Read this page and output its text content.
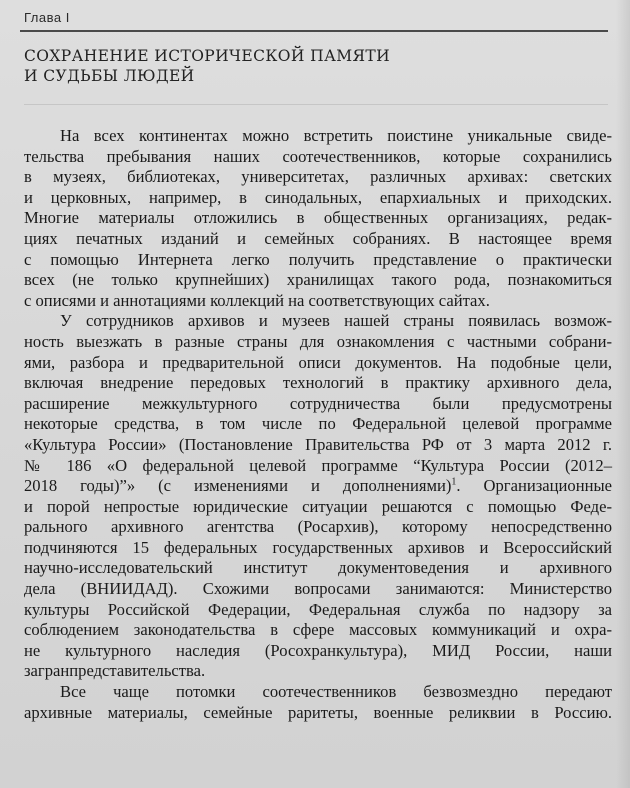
Глава I
СОХРАНЕНИЕ ИСТОРИЧЕСКОЙ ПАМЯТИ
И СУДЬБЫ ЛЮДЕЙ
На всех континентах можно встретить поистине уникальные свиде-
тельства пребывания наших соотечественников, которые сохранились
в музеях, библиотеках, университетах, различных архивах: светских
и церковных, например, в синодальных, епархиальных и приходских.
Многие материалы отложились в общественных организациях, редак-
циях печатных изданий и семейных собраниях. В настоящее время
с помощью Интернета легко получить представление о практически
всех (не только крупнейших) хранилищах такого рода, познакомиться
с описями и аннотациями коллекций на соответствующих сайтах.
У сотрудников архивов и музеев нашей страны появилась возмож-
ность выезжать в разные страны для ознакомления с частными собрани-
ями, разбора и предварительной описи документов. На подобные цели,
включая внедрение передовых технологий в практику архивного дела,
расширение межкультурного сотрудничества были предусмотрены
некоторые средства, в том числе по Федеральной целевой программе
«Культура России» (Постановление Правительства РФ от 3 марта 2012 г.
№ 186 «О федеральной целевой программе “Культура России (2012–
2018 годы)”» (с изменениями и дополнениями)$^1$. Организационные
и порой непростые юридические ситуации решаются с помощью Феде-
рального архивного агентства (Росархив), которому непосредственно
подчиняются 15 федеральных государственных архивов и Всероссийский
научно-исследовательский институт документоведения и архивного
дела (ВНИИДАД). Схожими вопросами занимаются: Министерство
культуры Российской Федерации, Федеральная служба по надзору за
соблюдением законодательства в сфере массовых коммуникаций и охра-
не культурного наследия (Росохранкультура), МИД России, наши
загранпредставительства.
Все чаще потомки соотечественников безвозмездно передают
архивные материалы, семейные раритеты, военные реликвии в Россию.
